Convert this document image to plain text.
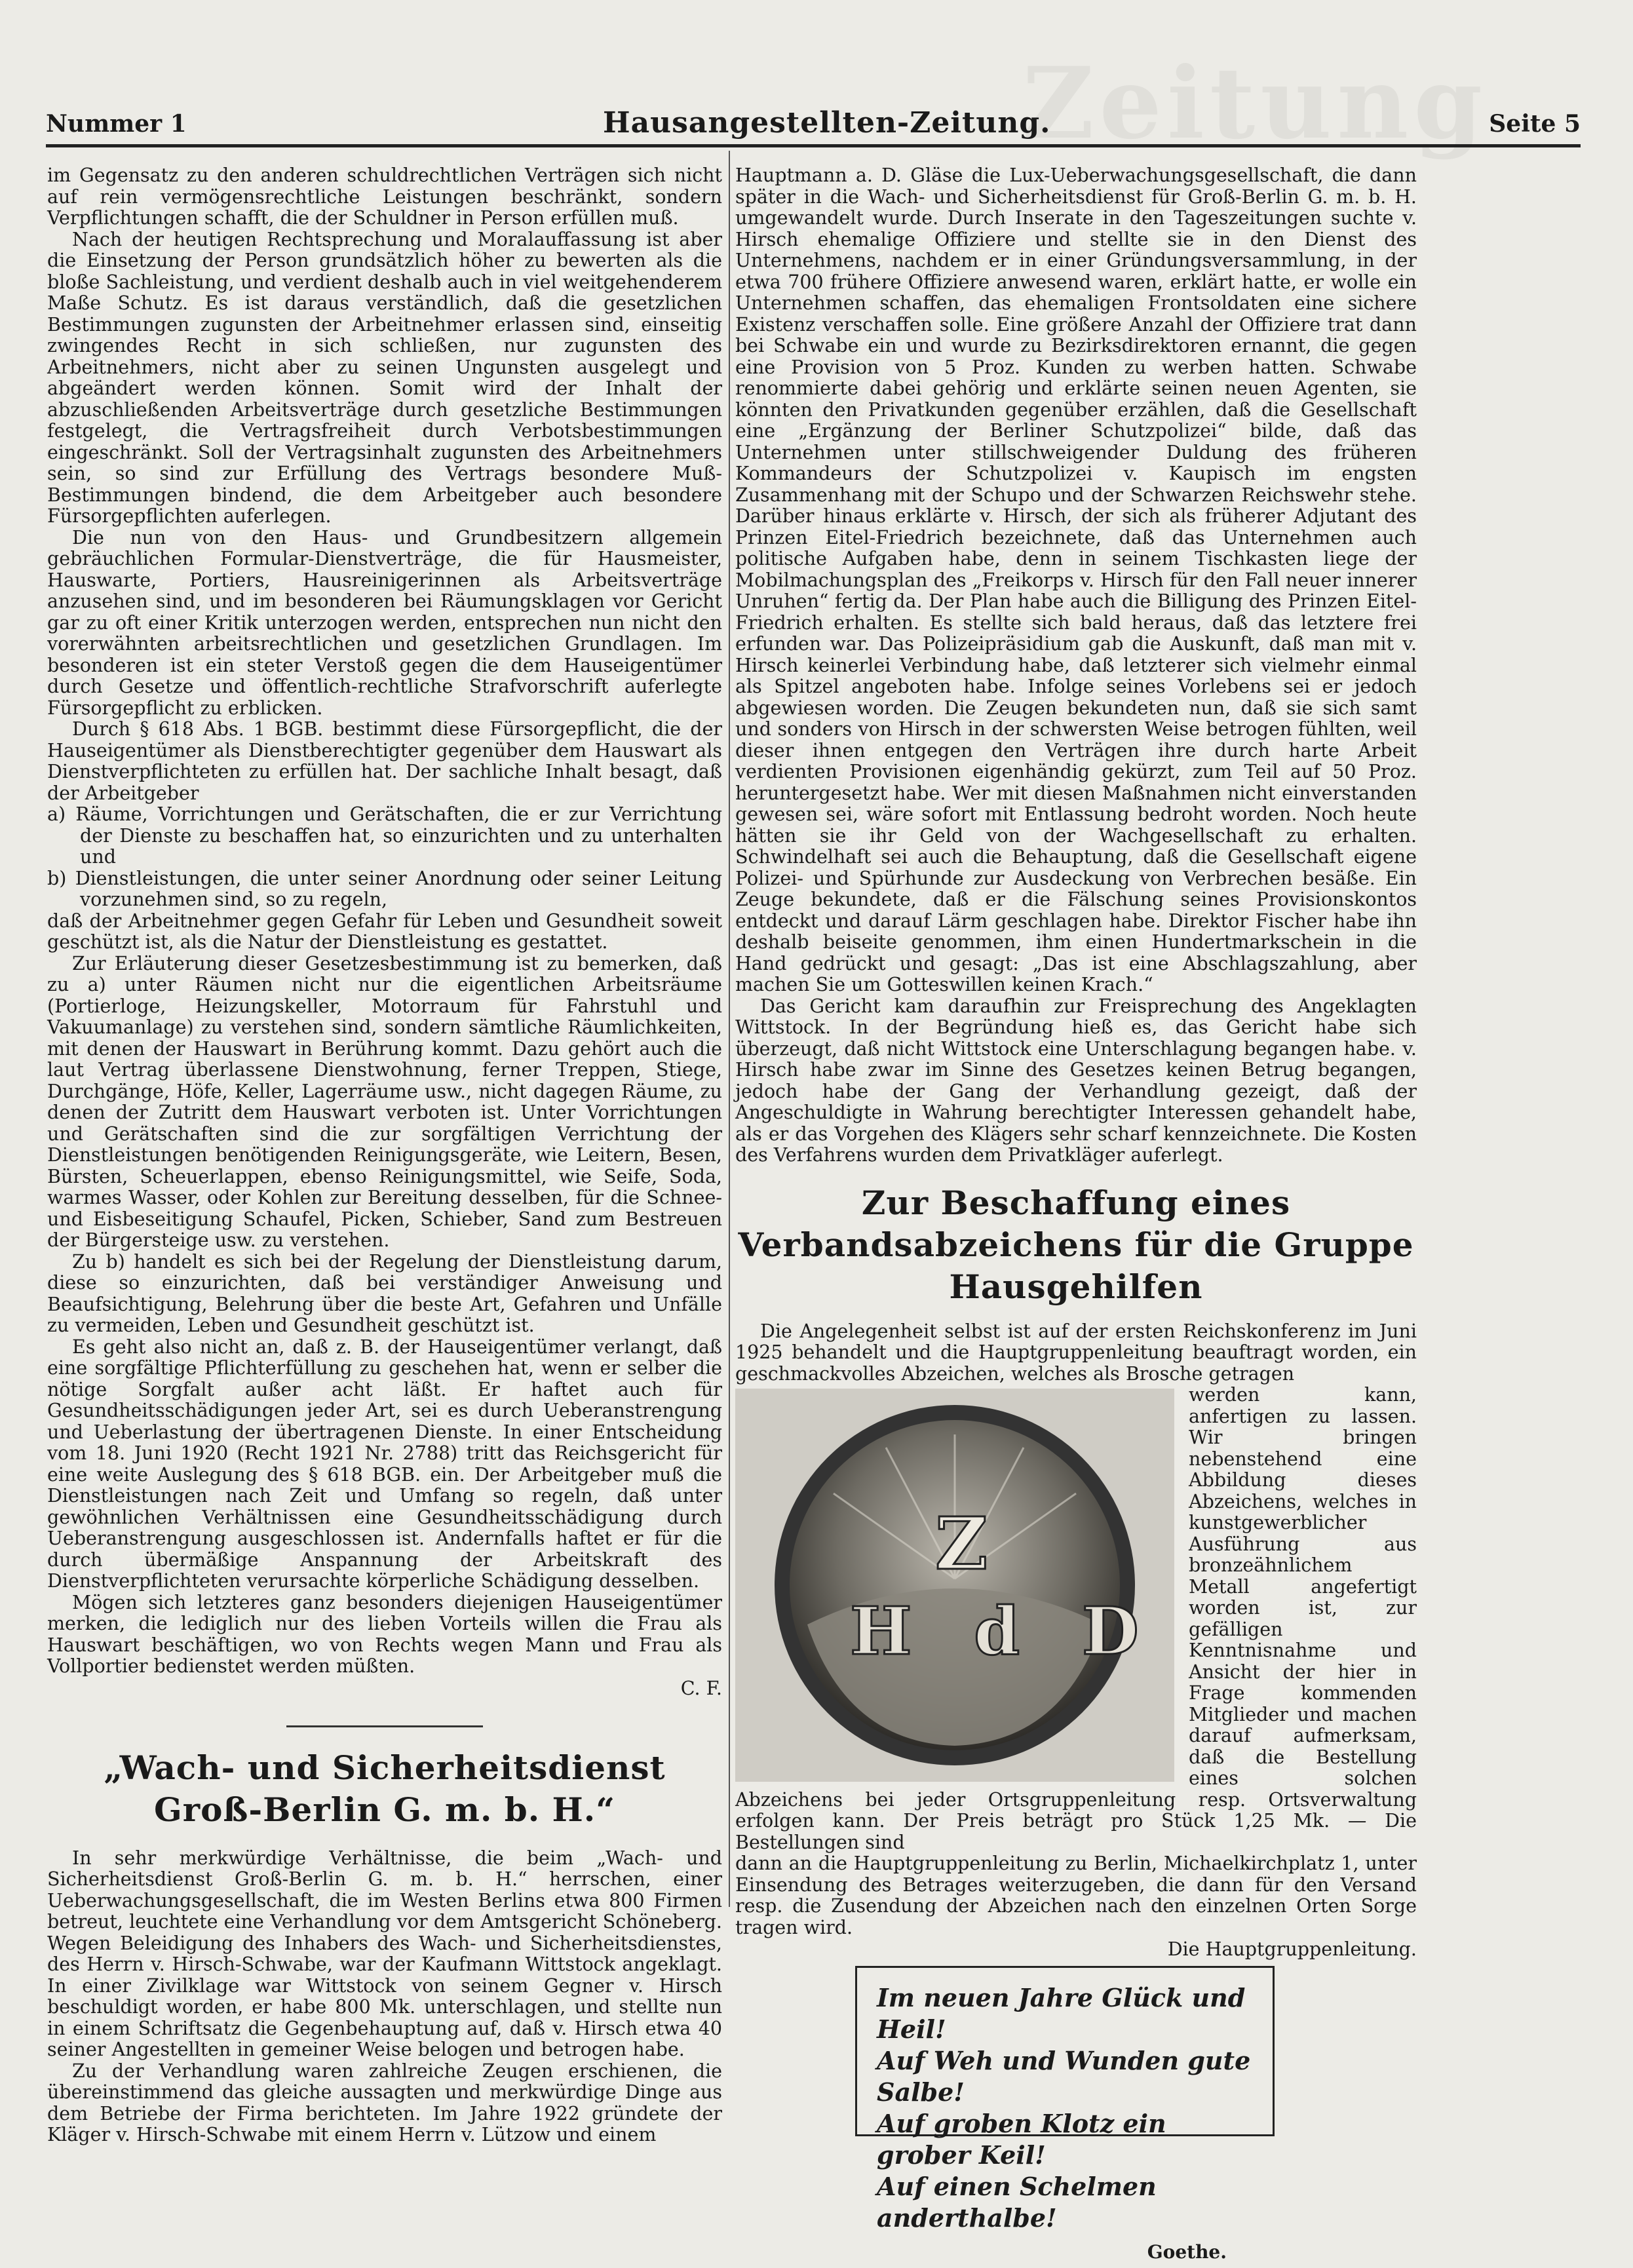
Zeitung
Nummer 1	Hausangestellten-Zeitung.	Seite 5

im Gegensatz zu den anderen schuldrechtlichen Verträgen sich nicht auf rein vermögensrechtliche Leistungen beschränkt, sondern Verpflichtungen schafft, die der Schuldner in Person erfüllen muß.

Nach der heutigen Rechtsprechung und Moralauffassung ist aber die Einsetzung der Person grundsätzlich höher zu bewerten als die bloße Sachleistung, und verdient deshalb auch in viel weitgehenderem Maße Schutz. Es ist daraus verständlich, daß die gesetzlichen Bestimmungen zugunsten der Arbeitnehmer erlassen sind, einseitig zwingendes Recht in sich schließen, nur zugunsten des Arbeitnehmers, nicht aber zu seinen Ungunsten ausgelegt und abgeändert werden können. Somit wird der Inhalt der abzuschließenden Arbeitsverträge durch gesetzliche Bestimmungen festgelegt, die Vertragsfreiheit durch Verbotsbestimmungen eingeschränkt. Soll der Vertragsinhalt zugunsten des Arbeitnehmers sein, so sind zur Erfüllung des Vertrags besondere Muß-Bestimmungen bindend, die dem Arbeitgeber auch besondere Fürsorgepflichten auferlegen.

Die nun von den Haus- und Grundbesitzern allgemein gebräuchlichen Formular-Dienstverträge, die für Hausmeister, Hauswarte, Portiers, Hausreinigerinnen als Arbeitsverträge anzusehen sind, und im besonderen bei Räumungsklagen vor Gericht gar zu oft einer Kritik unterzogen werden, entsprechen nun nicht den vorerwähnten arbeitsrechtlichen und gesetzlichen Grundlagen. Im besonderen ist ein steter Verstoß gegen die dem Hauseigentümer durch Gesetze und öffentlich-rechtliche Strafvorschrift auferlegte Fürsorgepflicht zu erblicken.

Durch § 618 Abs. 1 BGB. bestimmt diese Fürsorgepflicht, die der Hauseigentümer als Dienstberechtigter gegenüber dem Hauswart als Dienstverpflichteten zu erfüllen hat. Der sachliche Inhalt besagt, daß der Arbeitgeber

a) Räume, Vorrichtungen und Gerätschaften, die er zur Verrichtung der Dienste zu beschaffen hat, so einzurichten und zu unterhalten und

b) Dienstleistungen, die unter seiner Anordnung oder seiner Leitung vorzunehmen sind, so zu regeln,

daß der Arbeitnehmer gegen Gefahr für Leben und Gesundheit soweit geschützt ist, als die Natur der Dienstleistung es gestattet.

Zur Erläuterung dieser Gesetzesbestimmung ist zu bemerken, daß zu a) unter Räumen nicht nur die eigentlichen Arbeitsräume (Portierloge, Heizungskeller, Motorraum für Fahrstuhl und Vakuumanlage) zu verstehen sind, sondern sämtliche Räumlichkeiten, mit denen der Hauswart in Berührung kommt. Dazu gehört auch die laut Vertrag überlassene Dienstwohnung, ferner Treppen, Stiege, Durchgänge, Höfe, Keller, Lagerräume usw., nicht dagegen Räume, zu denen der Zutritt dem Hauswart verboten ist. Unter Vorrichtungen und Gerätschaften sind die zur sorgfältigen Verrichtung der Dienstleistungen benötigenden Reinigungsgeräte, wie Leitern, Besen, Bürsten, Scheuerlappen, ebenso Reinigungsmittel, wie Seife, Soda, warmes Wasser, oder Kohlen zur Bereitung desselben, für die Schnee- und Eisbeseitigung Schaufel, Picken, Schieber, Sand zum Bestreuen der Bürgersteige usw. zu verstehen.

Zu b) handelt es sich bei der Regelung der Dienstleistung darum, diese so einzurichten, daß bei verständiger Anweisung und Beaufsichtigung, Belehrung über die beste Art, Gefahren und Unfälle zu vermeiden, Leben und Gesundheit geschützt ist.

Es geht also nicht an, daß z. B. der Hauseigentümer verlangt, daß eine sorgfältige Pflichterfüllung zu geschehen hat, wenn er selber die nötige Sorgfalt außer acht läßt. Er haftet auch für Gesundheitsschädigungen jeder Art, sei es durch Ueberanstrengung und Ueberlastung der übertragenen Dienste. In einer Entscheidung vom 18. Juni 1920 (Recht 1921 Nr. 2788) tritt das Reichsgericht für eine weite Auslegung des § 618 BGB. ein. Der Arbeitgeber muß die Dienstleistungen nach Zeit und Umfang so regeln, daß unter gewöhnlichen Verhältnissen eine Gesundheitsschädigung durch Ueberanstrengung ausgeschlossen ist. Andernfalls haftet er für die durch übermäßige Anspannung der Arbeitskraft des Dienstverpflichteten verursachte körperliche Schädigung desselben.

Mögen sich letzteres ganz besonders diejenigen Hauseigentümer merken, die lediglich nur des lieben Vorteils willen die Frau als Hauswart beschäftigen, wo von Rechts wegen Mann und Frau als Vollportier bedienstet werden müßten.

C. F.

„Wach- und Sicherheitsdienst Groß-Berlin G. m. b. H.“

In sehr merkwürdige Verhältnisse, die beim „Wach- und Sicherheitsdienst Groß-Berlin G. m. b. H.“ herrschen, einer Ueberwachungsgesellschaft, die im Westen Berlins etwa 800 Firmen betreut, leuchtete eine Verhandlung vor dem Amtsgericht Schöneberg. Wegen Beleidigung des Inhabers des Wach- und Sicherheitsdienstes, des Herrn v. Hirsch-Schwabe, war der Kaufmann Wittstock angeklagt. In einer Zivilklage war Wittstock von seinem Gegner v. Hirsch beschuldigt worden, er habe 800 Mk. unterschlagen, und stellte nun in einem Schriftsatz die Gegenbehauptung auf, daß v. Hirsch etwa 40 seiner Angestellten in gemeiner Weise belogen und betrogen habe.

Zu der Verhandlung waren zahlreiche Zeugen erschienen, die übereinstimmend das gleiche aussagten und merkwürdige Dinge aus dem Betriebe der Firma berichteten. Im Jahre 1922 gründete der Kläger v. Hirsch-Schwabe mit einem Herrn v. Lützow und einem

Hauptmann a. D. Gläse die Lux-Ueberwachungsgesellschaft, die dann später in die Wach- und Sicherheitsdienst für Groß-Berlin G. m. b. H. umgewandelt wurde. Durch Inserate in den Tageszeitungen suchte v. Hirsch ehemalige Offiziere und stellte sie in den Dienst des Unternehmens, nachdem er in einer Gründungsversammlung, in der etwa 700 frühere Offiziere anwesend waren, erklärt hatte, er wolle ein Unternehmen schaffen, das ehemaligen Frontsoldaten eine sichere Existenz verschaffen solle. Eine größere Anzahl der Offiziere trat dann bei Schwabe ein und wurde zu Bezirksdirektoren ernannt, die gegen eine Provision von 5 Proz. Kunden zu werben hatten. Schwabe renommierte dabei gehörig und erklärte seinen neuen Agenten, sie könnten den Privatkunden gegenüber erzählen, daß die Gesellschaft eine „Ergänzung der Berliner Schutzpolizei“ bilde, daß das Unternehmen unter stillschweigender Duldung des früheren Kommandeurs der Schutzpolizei v. Kaupisch im engsten Zusammenhang mit der Schupo und der Schwarzen Reichswehr stehe. Darüber hinaus erklärte v. Hirsch, der sich als früherer Adjutant des Prinzen Eitel-Friedrich bezeichnete, daß das Unternehmen auch politische Aufgaben habe, denn in seinem Tischkasten liege der Mobilmachungsplan des „Freikorps v. Hirsch für den Fall neuer innerer Unruhen“ fertig da. Der Plan habe auch die Billigung des Prinzen Eitel-Friedrich erhalten. Es stellte sich bald heraus, daß das letztere frei erfunden war. Das Polizeipräsidium gab die Auskunft, daß man mit v. Hirsch keinerlei Verbindung habe, daß letzterer sich vielmehr einmal als Spitzel angeboten habe. Infolge seines Vorlebens sei er jedoch abgewiesen worden. Die Zeugen bekundeten nun, daß sie sich samt und sonders von Hirsch in der schwersten Weise betrogen fühlten, weil dieser ihnen entgegen den Verträgen ihre durch harte Arbeit verdienten Provisionen eigenhändig gekürzt, zum Teil auf 50 Proz. heruntergesetzt habe. Wer mit diesen Maßnahmen nicht einverstanden gewesen sei, wäre sofort mit Entlassung bedroht worden. Noch heute hätten sie ihr Geld von der Wachgesellschaft zu erhalten. Schwindelhaft sei auch die Behauptung, daß die Gesellschaft eigene Polizei- und Spürhunde zur Ausdeckung von Verbrechen besäße. Ein Zeuge bekundete, daß er die Fälschung seines Provisionskontos entdeckt und darauf Lärm geschlagen habe. Direktor Fischer habe ihn deshalb beiseite genommen, ihm einen Hundertmarkschein in die Hand gedrückt und gesagt: „Das ist eine Abschlagszahlung, aber machen Sie um Gotteswillen keinen Krach.“

Das Gericht kam daraufhin zur Freisprechung des Angeklagten Wittstock. In der Begründung hieß es, das Gericht habe sich überzeugt, daß nicht Wittstock eine Unterschlagung begangen habe. v. Hirsch habe zwar im Sinne des Gesetzes keinen Betrug begangen, jedoch habe der Gang der Verhandlung gezeigt, daß der Angeschuldigte in Wahrung berechtigter Interessen gehandelt habe, als er das Vorgehen des Klägers sehr scharf kennzeichnete. Die Kosten des Verfahrens wurden dem Privatkläger auferlegt.

Zur Beschaffung eines Verbandsabzeichens für die Gruppe Hausgehilfen

Die Angelegenheit selbst ist auf der ersten Reichskonferenz im Juni 1925 behandelt und die Hauptgruppenleitung beauftragt worden, ein geschmackvolles Abzeichen, welches als Brosche getragen

Z
H d D

werden kann, anfertigen zu lassen. Wir bringen nebenstehend eine Abbildung dieses Abzeichens, welches in kunstgewerblicher Ausführung aus bronzeähnlichem Metall angefertigt worden ist, zur gefälligen Kenntnisnahme und Ansicht der hier in Frage kommenden Mitglieder und machen darauf aufmerksam, daß die Bestellung eines solchen Abzeichens bei jeder Ortsgruppenleitung resp. Ortsverwaltung erfolgen kann. Der Preis beträgt pro Stück 1,25 Mk. — Die Bestellungen sind

dann an die Hauptgruppenleitung zu Berlin, Michaelkirchplatz 1, unter Einsendung des Betrages weiterzugeben, die dann für den Versand resp. die Zusendung der Abzeichen nach den einzelnen Orten Sorge tragen wird.

Die Hauptgruppenleitung.

Im neuen Jahre Glück und Heil!
Auf Weh und Wunden gute Salbe!
Auf groben Klotz ein grober Keil!
Auf einen Schelmen anderthalbe!
Goethe.
